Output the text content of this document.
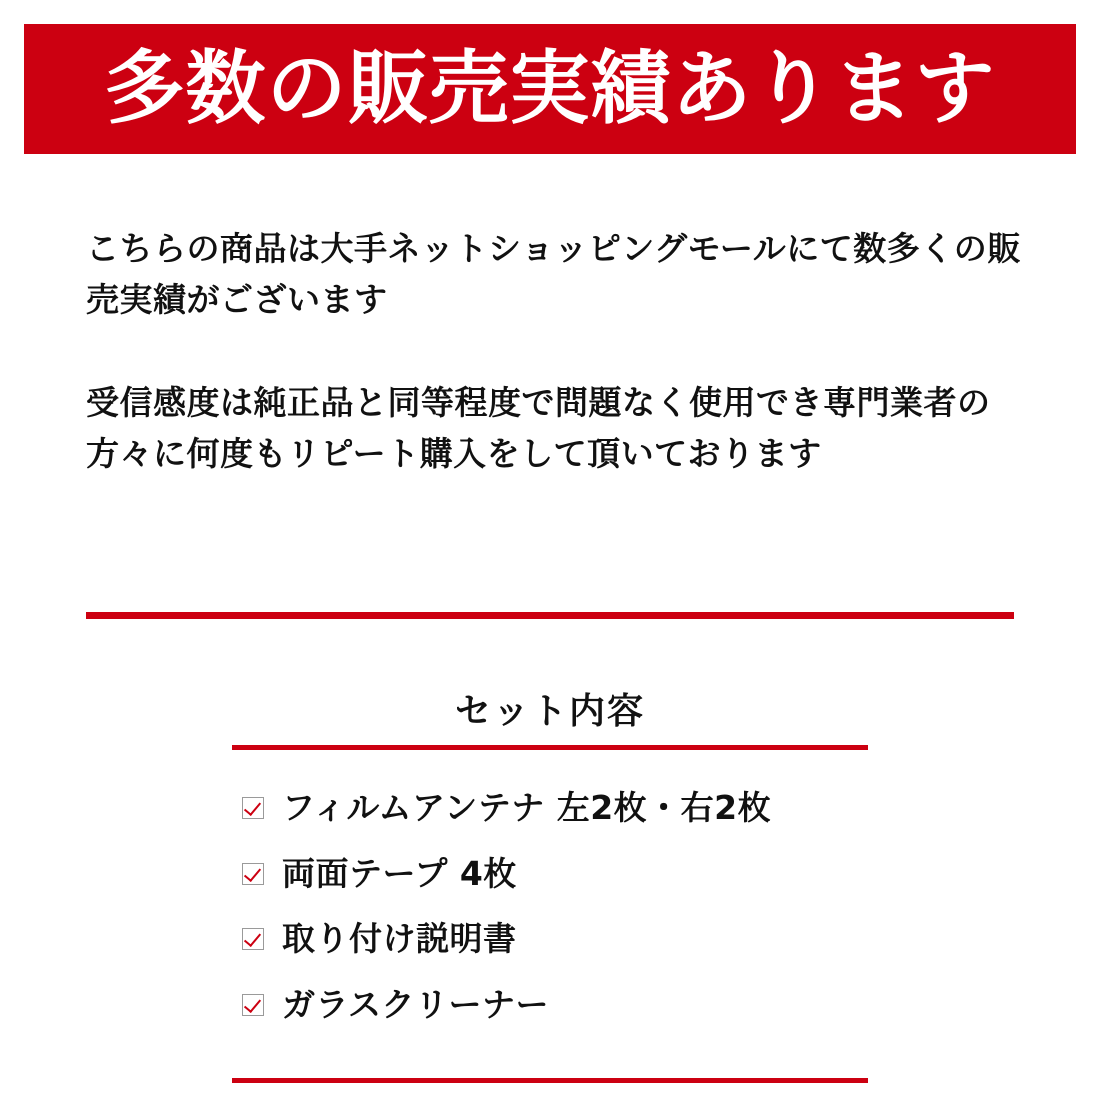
多数の販売実績あります

こちらの商品は大手ネットショッピングモールにて数多くの販売実績がございます

受信感度は純正品と同等程度で問題なく使用でき専門業者の方々に何度もリピート購入をして頂いております

セット内容
フィルムアンテナ 左2枚・右2枚
両面テープ 4枚
取り付け説明書
ガラスクリーナー
